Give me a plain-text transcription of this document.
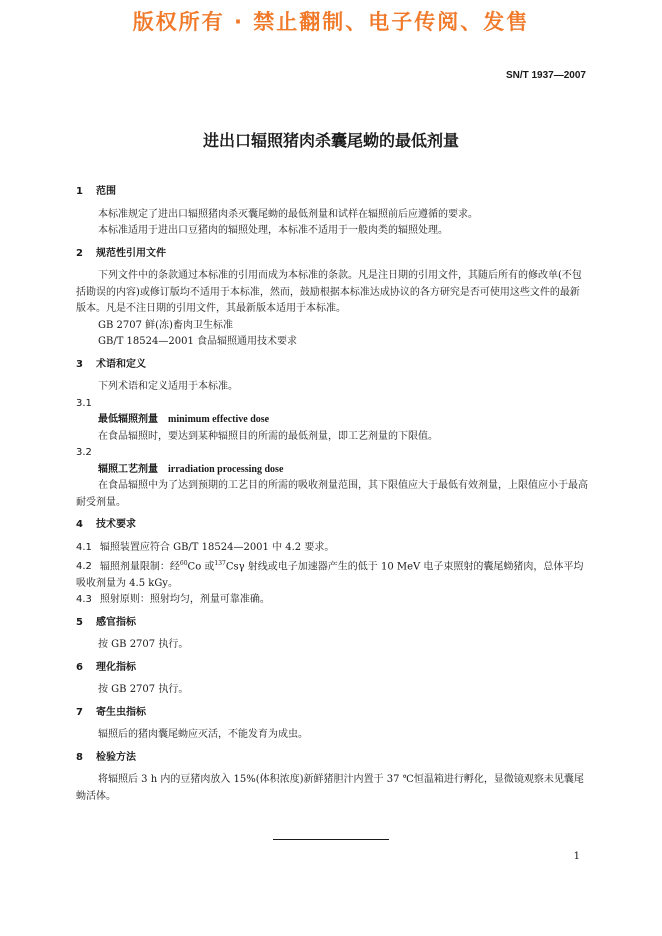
版权所有 · 禁止翻制、电子传阅、发售
SN/T 1937—2007
进出口辐照猪肉杀囊尾蚴的最低剂量
1 范围

本标准规定了进出口辐照猪肉杀灭囊尾蚴的最低剂量和试样在辐照前后应遵循的要求。

本标准适用于进出口豆猪肉的辐照处理，本标准不适用于一般肉类的辐照处理。

2 规范性引用文件

下列文件中的条款通过本标准的引用而成为本标准的条款。凡是注日期的引用文件，其随后所有的修改单(不包括勘误的内容)或修订版均不适用于本标准，然而，鼓励根据本标准达成协议的各方研究是否可使用这些文件的最新版本。凡是不注日期的引用文件，其最新版本适用于本标准。

GB 2707 鲜(冻)畜肉卫生标准

GB/T 18524—2001 食品辐照通用技术要求

3 术语和定义

下列术语和定义适用于本标准。

3.1

最低辐照剂量 minimum effective dose

在食品辐照时，要达到某种辐照目的所需的最低剂量，即工艺剂量的下限值。

3.2

辐照工艺剂量 irradiation processing dose

在食品辐照中为了达到预期的工艺目的所需的吸收剂量范围，其下限值应大于最低有效剂量，上限值应小于最高耐受剂量。

4 技术要求

4.1 辐照装置应符合 GB/T 18524—2001 中 4.2 要求。

4.2 辐照剂量限制：经$^{60}$Co 或$^{137}$Csγ 射线或电子加速器产生的低于 10 MeV 电子束照射的囊尾蚴猪肉，总体平均吸收剂量为 4.5 kGy。

4.3 照射原则：照射均匀，剂量可靠准确。

5 感官指标

按 GB 2707 执行。

6 理化指标

按 GB 2707 执行。

7 寄生虫指标

辐照后的猪肉囊尾蚴应灭活，不能发育为成虫。

8 检验方法

将辐照后 3 h 内的豆猪肉放入 15%(体积浓度)新鲜猪胆汁内置于 37 ℃恒温箱进行孵化，显微镜观察未见囊尾蚴活体。

1
